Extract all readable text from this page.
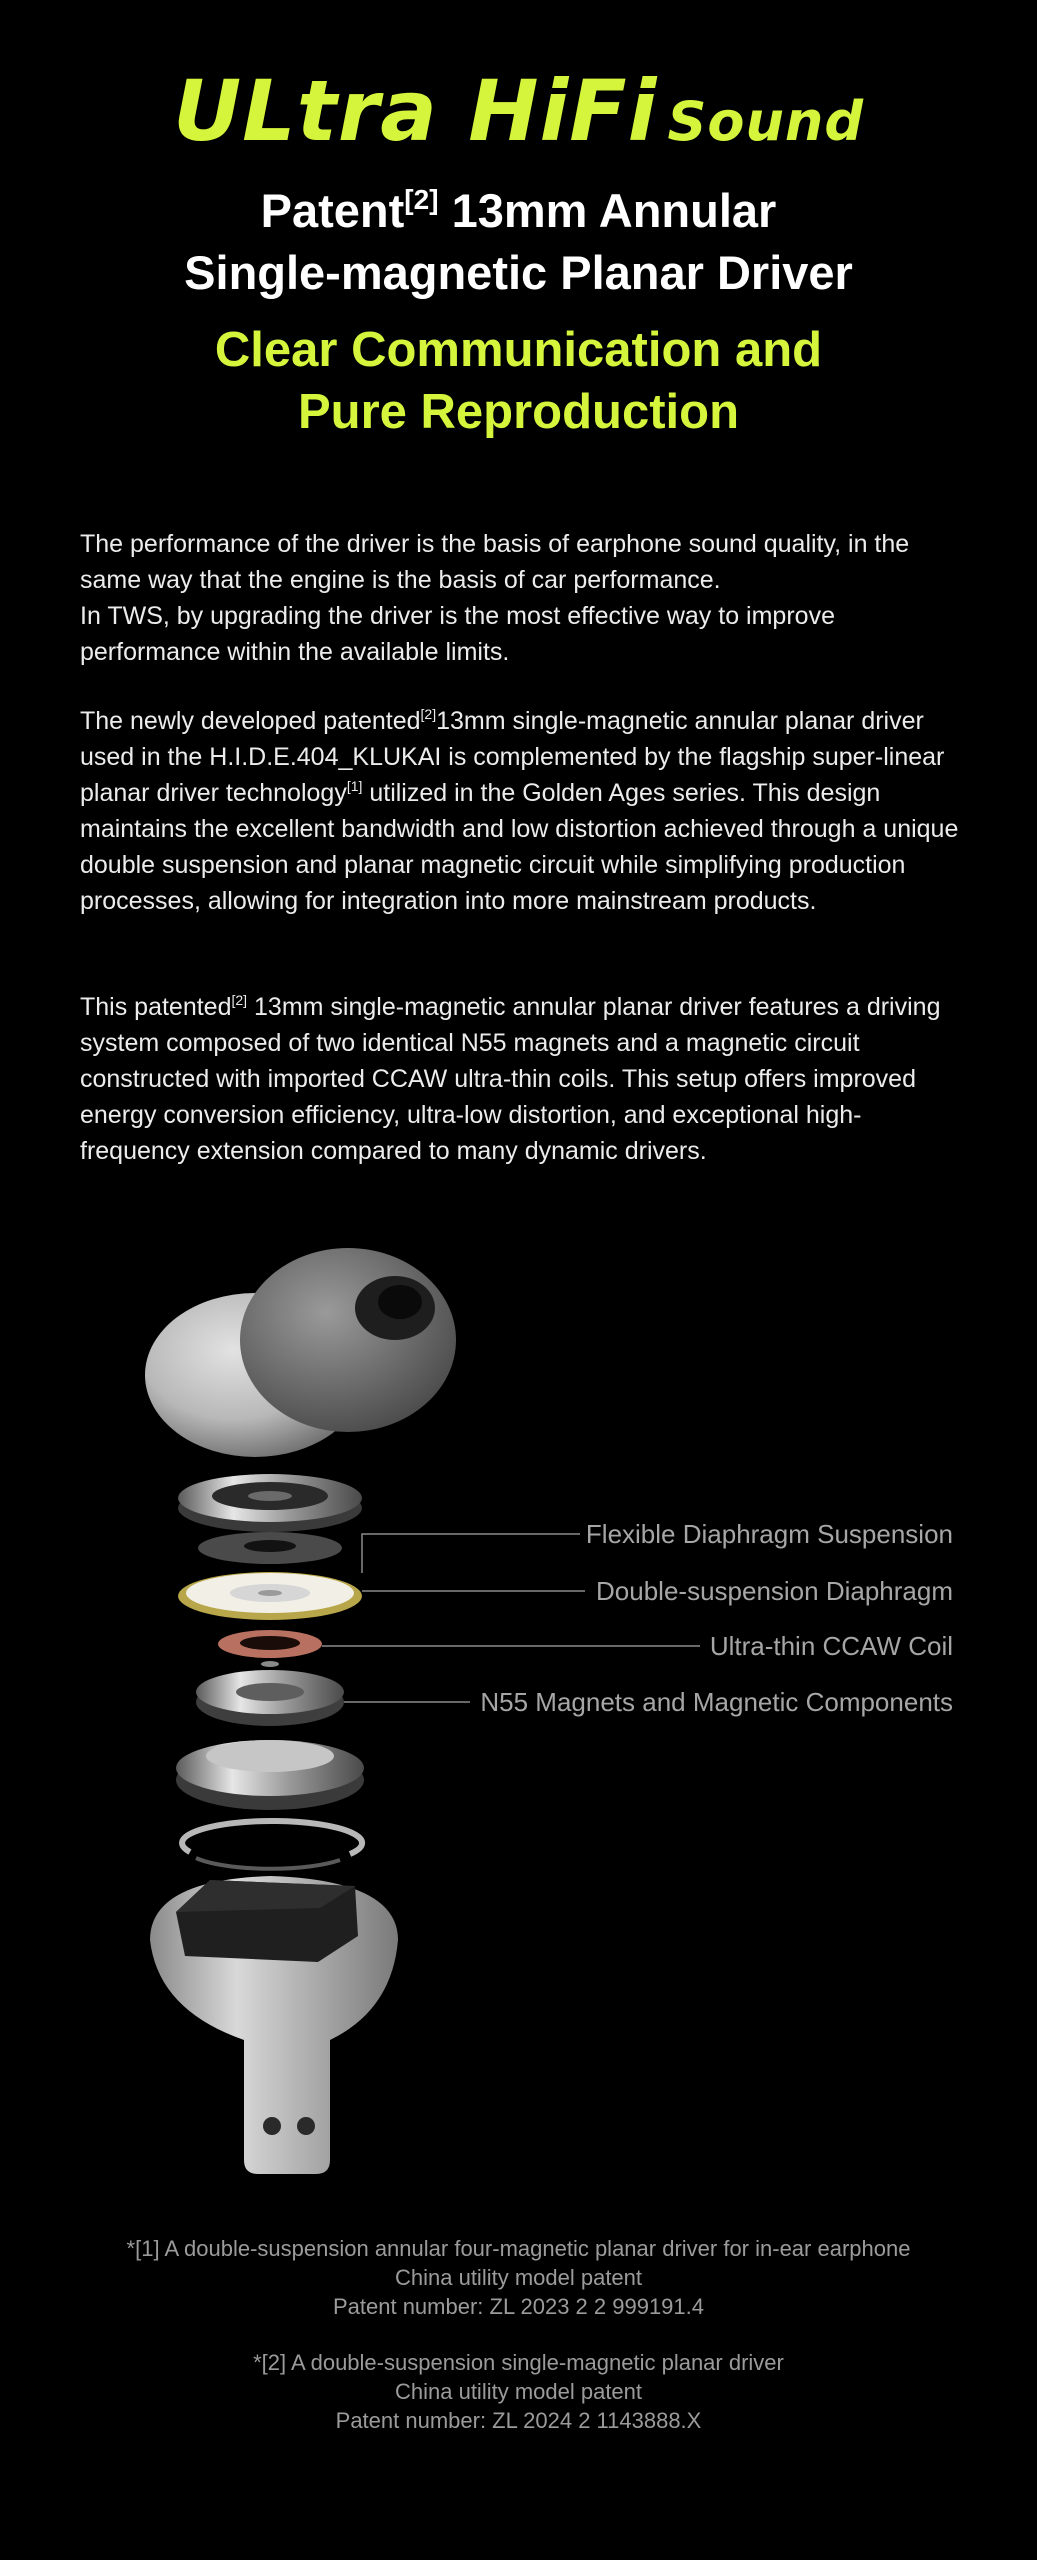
ULtra HiFi Sound
Patent[2] 13mm Annular
Single-magnetic Planar Driver
Clear Communication and
Pure Reproduction

The performance of the driver is the basis of earphone sound quality, in the same way that the engine is the basis of car performance.

In TWS, by upgrading the driver is the most effective way to improve performance within the available limits.

The newly developed patented[2]13mm single-magnetic annular planar driver used in the H.I.D.E.404_KLUKAI is complemented by the flagship super-linear planar driver technology[1] utilized in the Golden Ages series. This design maintains the excellent bandwidth and low distortion achieved through a unique double suspension and planar magnetic circuit while simplifying production processes, allowing for integration into more mainstream products.

This patented[2] 13mm single-magnetic annular planar driver features a driving system composed of two identical N55 magnets and a magnetic circuit constructed with imported CCAW ultra-thin coils. This setup offers improved energy conversion efficiency, ultra-low distortion, and exceptional high-frequency extension compared to many dynamic drivers.

Flexible Diaphragm Suspension
Double-suspension Diaphragm
Ultra-thin CCAW Coil
N55 Magnets and Magnetic Components
*[1] A double-suspension annular four-magnetic planar driver for in-ear earphone
China utility model patent
Patent number: ZL 2023 2 2 999191.4
*[2] A double-suspension single-magnetic planar driver
China utility model patent
Patent number: ZL 2024 2 1143888.X
